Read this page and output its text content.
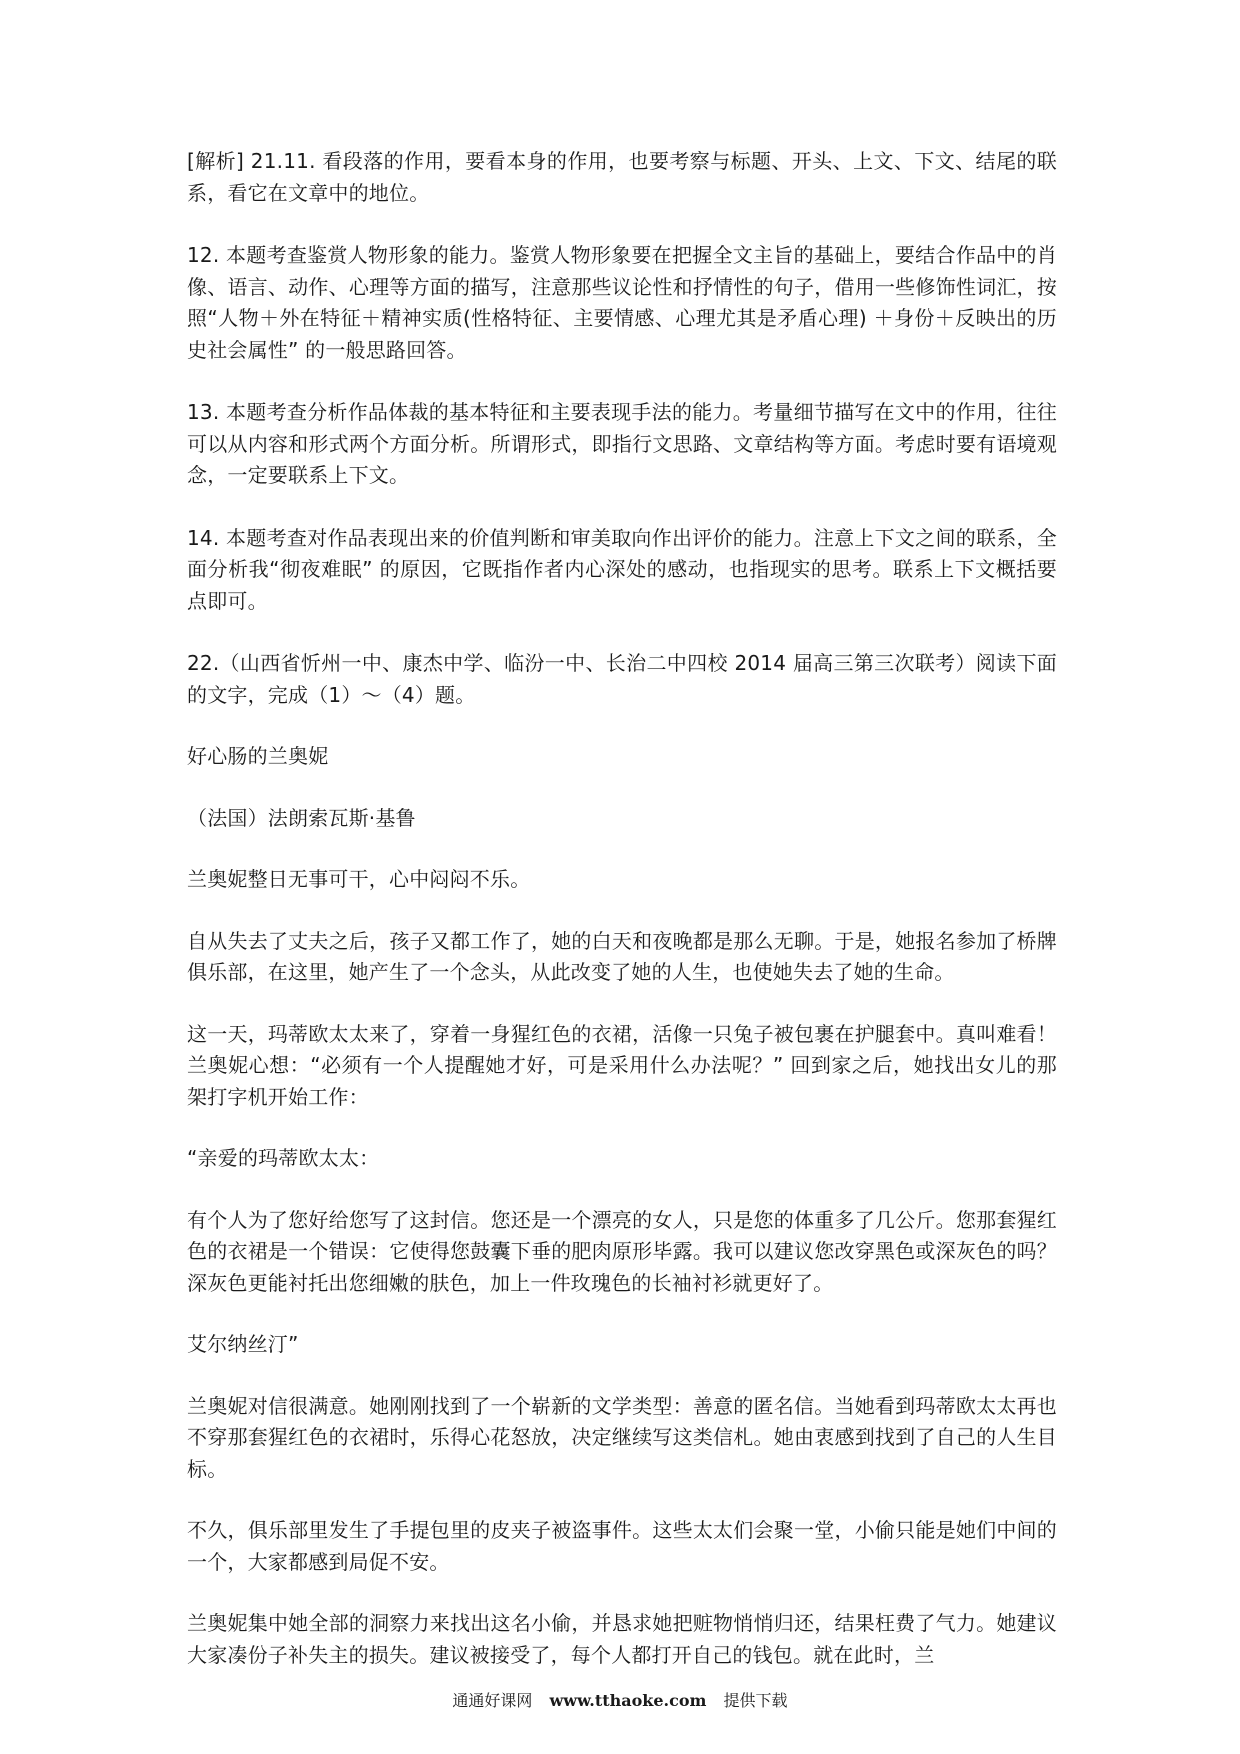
[解析] 21.11. 看段落的作用，要看本身的作用，也要考察与标题、开头、上文、下文、结尾的联系，看它在文章中的地位。

12. 本题考查鉴赏人物形象的能力。鉴赏人物形象要在把握全文主旨的基础上，要结合作品中的肖像、语言、动作、心理等方面的描写，注意那些议论性和抒情性的句子，借用一些修饰性词汇，按照“人物＋外在特征＋精神实质(性格特征、主要情感、心理尤其是矛盾心理) ＋身份＋反映出的历史社会属性” 的一般思路回答。

13. 本题考查分析作品体裁的基本特征和主要表现手法的能力。考量细节描写在文中的作用，往往可以从内容和形式两个方面分析。所谓形式，即指行文思路、文章结构等方面。考虑时要有语境观念，一定要联系上下文。

14. 本题考查对作品表现出来的价值判断和审美取向作出评价的能力。注意上下文之间的联系，全面分析我“彻夜难眠” 的原因，它既指作者内心深处的感动，也指现实的思考。联系上下文概括要点即可。

22.（山西省忻州一中、康杰中学、临汾一中、长治二中四校 2014 届高三第三次联考）阅读下面的文字，完成（1）～（4）题。

好心肠的兰奥妮

（法国）法朗索瓦斯·基鲁

兰奥妮整日无事可干，心中闷闷不乐。

自从失去了丈夫之后，孩子又都工作了，她的白天和夜晚都是那么无聊。于是，她报名参加了桥牌俱乐部，在这里，她产生了一个念头，从此改变了她的人生，也使她失去了她的生命。

这一天，玛蒂欧太太来了，穿着一身猩红色的衣裙，活像一只兔子被包裹在护腿套中。真叫难看！兰奥妮心想：“必须有一个人提醒她才好，可是采用什么办法呢？” 回到家之后，她找出女儿的那架打字机开始工作：

“亲爱的玛蒂欧太太：

有个人为了您好给您写了这封信。您还是一个漂亮的女人，只是您的体重多了几公斤。您那套猩红色的衣裙是一个错误：它使得您鼓囊下垂的肥肉原形毕露。我可以建议您改穿黑色或深灰色的吗？深灰色更能衬托出您细嫩的肤色，加上一件玫瑰色的长袖衬衫就更好了。

艾尔纳丝汀”

兰奥妮对信很满意。她刚刚找到了一个崭新的文学类型：善意的匿名信。当她看到玛蒂欧太太再也不穿那套猩红色的衣裙时，乐得心花怒放，决定继续写这类信札。她由衷感到找到了自己的人生目标。

不久，俱乐部里发生了手提包里的皮夹子被盗事件。这些太太们会聚一堂，小偷只能是她们中间的一个，大家都感到局促不安。

兰奥妮集中她全部的洞察力来找出这名小偷，并恳求她把赃物悄悄归还，结果枉费了气力。她建议大家凑份子补失主的损失。建议被接受了，每个人都打开自己的钱包。就在此时，兰

通通好课网 www.tthaoke.com 提供下载
